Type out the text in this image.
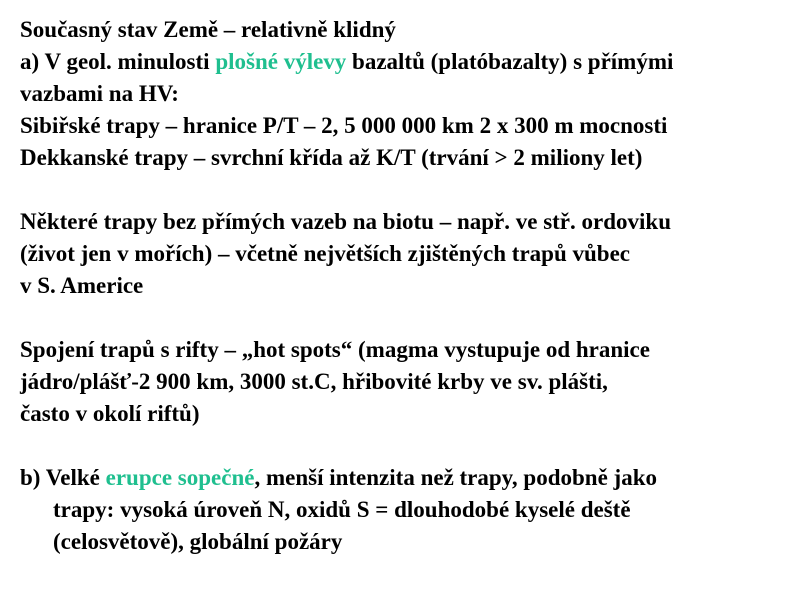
Současný stav Země – relativně klidný
a) V geol. minulosti plošné výlevy bazaltů (platóbazalty) s přímými
vazbami na HV:
Sibiřské trapy – hranice P/T – 2, 5 000 000 km 2 x 300 m mocnosti
Dekkanské trapy – svrchní křída až K/T (trvání > 2 miliony let)
Některé trapy bez přímých vazeb na biotu – např. ve stř. ordoviku
(život jen v mořích) – včetně největších zjištěných trapů vůbec
v S. Americe
Spojení trapů s rifty – „hot spots“ (magma vystupuje od hranice
jádro/plášť-2 900 km, 3000 st.C, hřibovité krby ve sv. plášti,
často v okolí riftů)
b) Velké erupce sopečné, menší intenzita než trapy, podobně jako
trapy: vysoká úroveň N, oxidů S = dlouhodobé kyselé deště
(celosvětově), globální požáry
